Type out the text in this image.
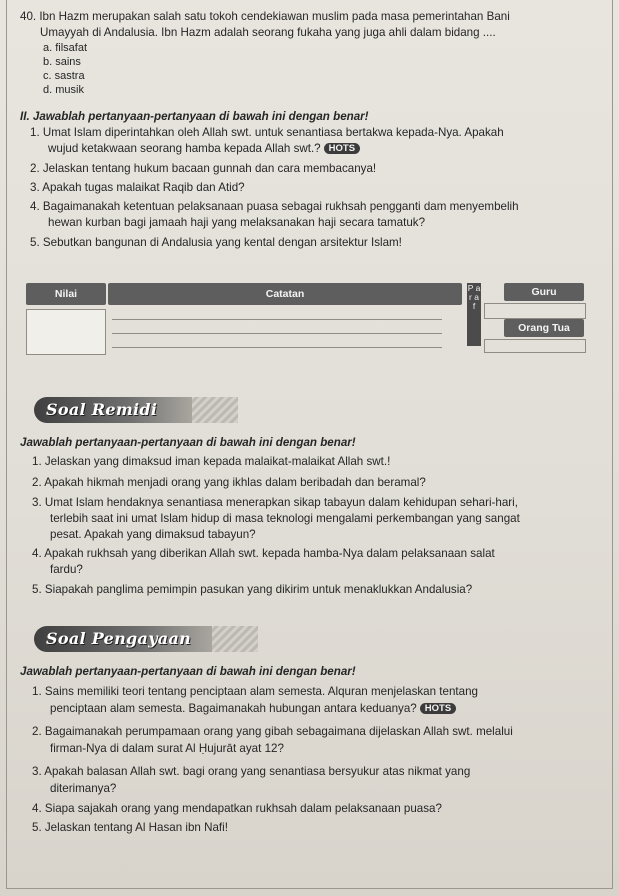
40. Ibn Hazm merupakan salah satu tokoh cendekiawan muslim pada masa pemerintahan Bani
Umayyah di Andalusia. Ibn Hazm adalah seorang fukaha yang juga ahli dalam bidang ....
a. filsafat
b. sains
c. sastra
d. musik
II. Jawablah pertanyaan-pertanyaan di bawah ini dengan benar!
1. Umat Islam diperintahkan oleh Allah swt. untuk senantiasa bertakwa kepada-Nya. Apakah
wujud ketakwaan seorang hamba kepada Allah swt.? HOTS
2. Jelaskan tentang hukum bacaan gunnah dan cara membacanya!
3. Apakah tugas malaikat Raqib dan Atid?
4. Bagaimanakah ketentuan pelaksanaan puasa sebagai rukhsah pengganti dam menyembelih
hewan kurban bagi jamaah haji yang melaksanakan haji secara tamatuk?
5. Sebutkan bangunan di Andalusia yang kental dengan arsitektur Islam!
Nilai	Catatan	P a r a f
Guru
Orang Tua
Soal Remidi
Jawablah pertanyaan-pertanyaan di bawah ini dengan benar!
1. Jelaskan yang dimaksud iman kepada malaikat-malaikat Allah swt.!
2. Apakah hikmah menjadi orang yang ikhlas dalam beribadah dan beramal?
3. Umat Islam hendaknya senantiasa menerapkan sikap tabayun dalam kehidupan sehari-hari,
terlebih saat ini umat Islam hidup di masa teknologi mengalami perkembangan yang sangat
pesat. Apakah yang dimaksud tabayun?
4. Apakah rukhsah yang diberikan Allah swt. kepada hamba-Nya dalam pelaksanaan salat
fardu?
5. Siapakah panglima pemimpin pasukan yang dikirim untuk menaklukkan Andalusia?
Soal Pengayaan
Jawablah pertanyaan-pertanyaan di bawah ini dengan benar!
1. Sains memiliki teori tentang penciptaan alam semesta. Alquran menjelaskan tentang
penciptaan alam semesta. Bagaimanakah hubungan antara keduanya? HOTS
2. Bagaimanakah perumpamaan orang yang gibah sebagaimana dijelaskan Allah swt. melalui
firman-Nya di dalam surat Al Ḥujurāt ayat 12?
3. Apakah balasan Allah swt. bagi orang yang senantiasa bersyukur atas nikmat yang
diterimanya?
4. Siapa sajakah orang yang mendapatkan rukhsah dalam pelaksanaan puasa?
5. Jelaskan tentang Al Hasan ibn Nafi!
